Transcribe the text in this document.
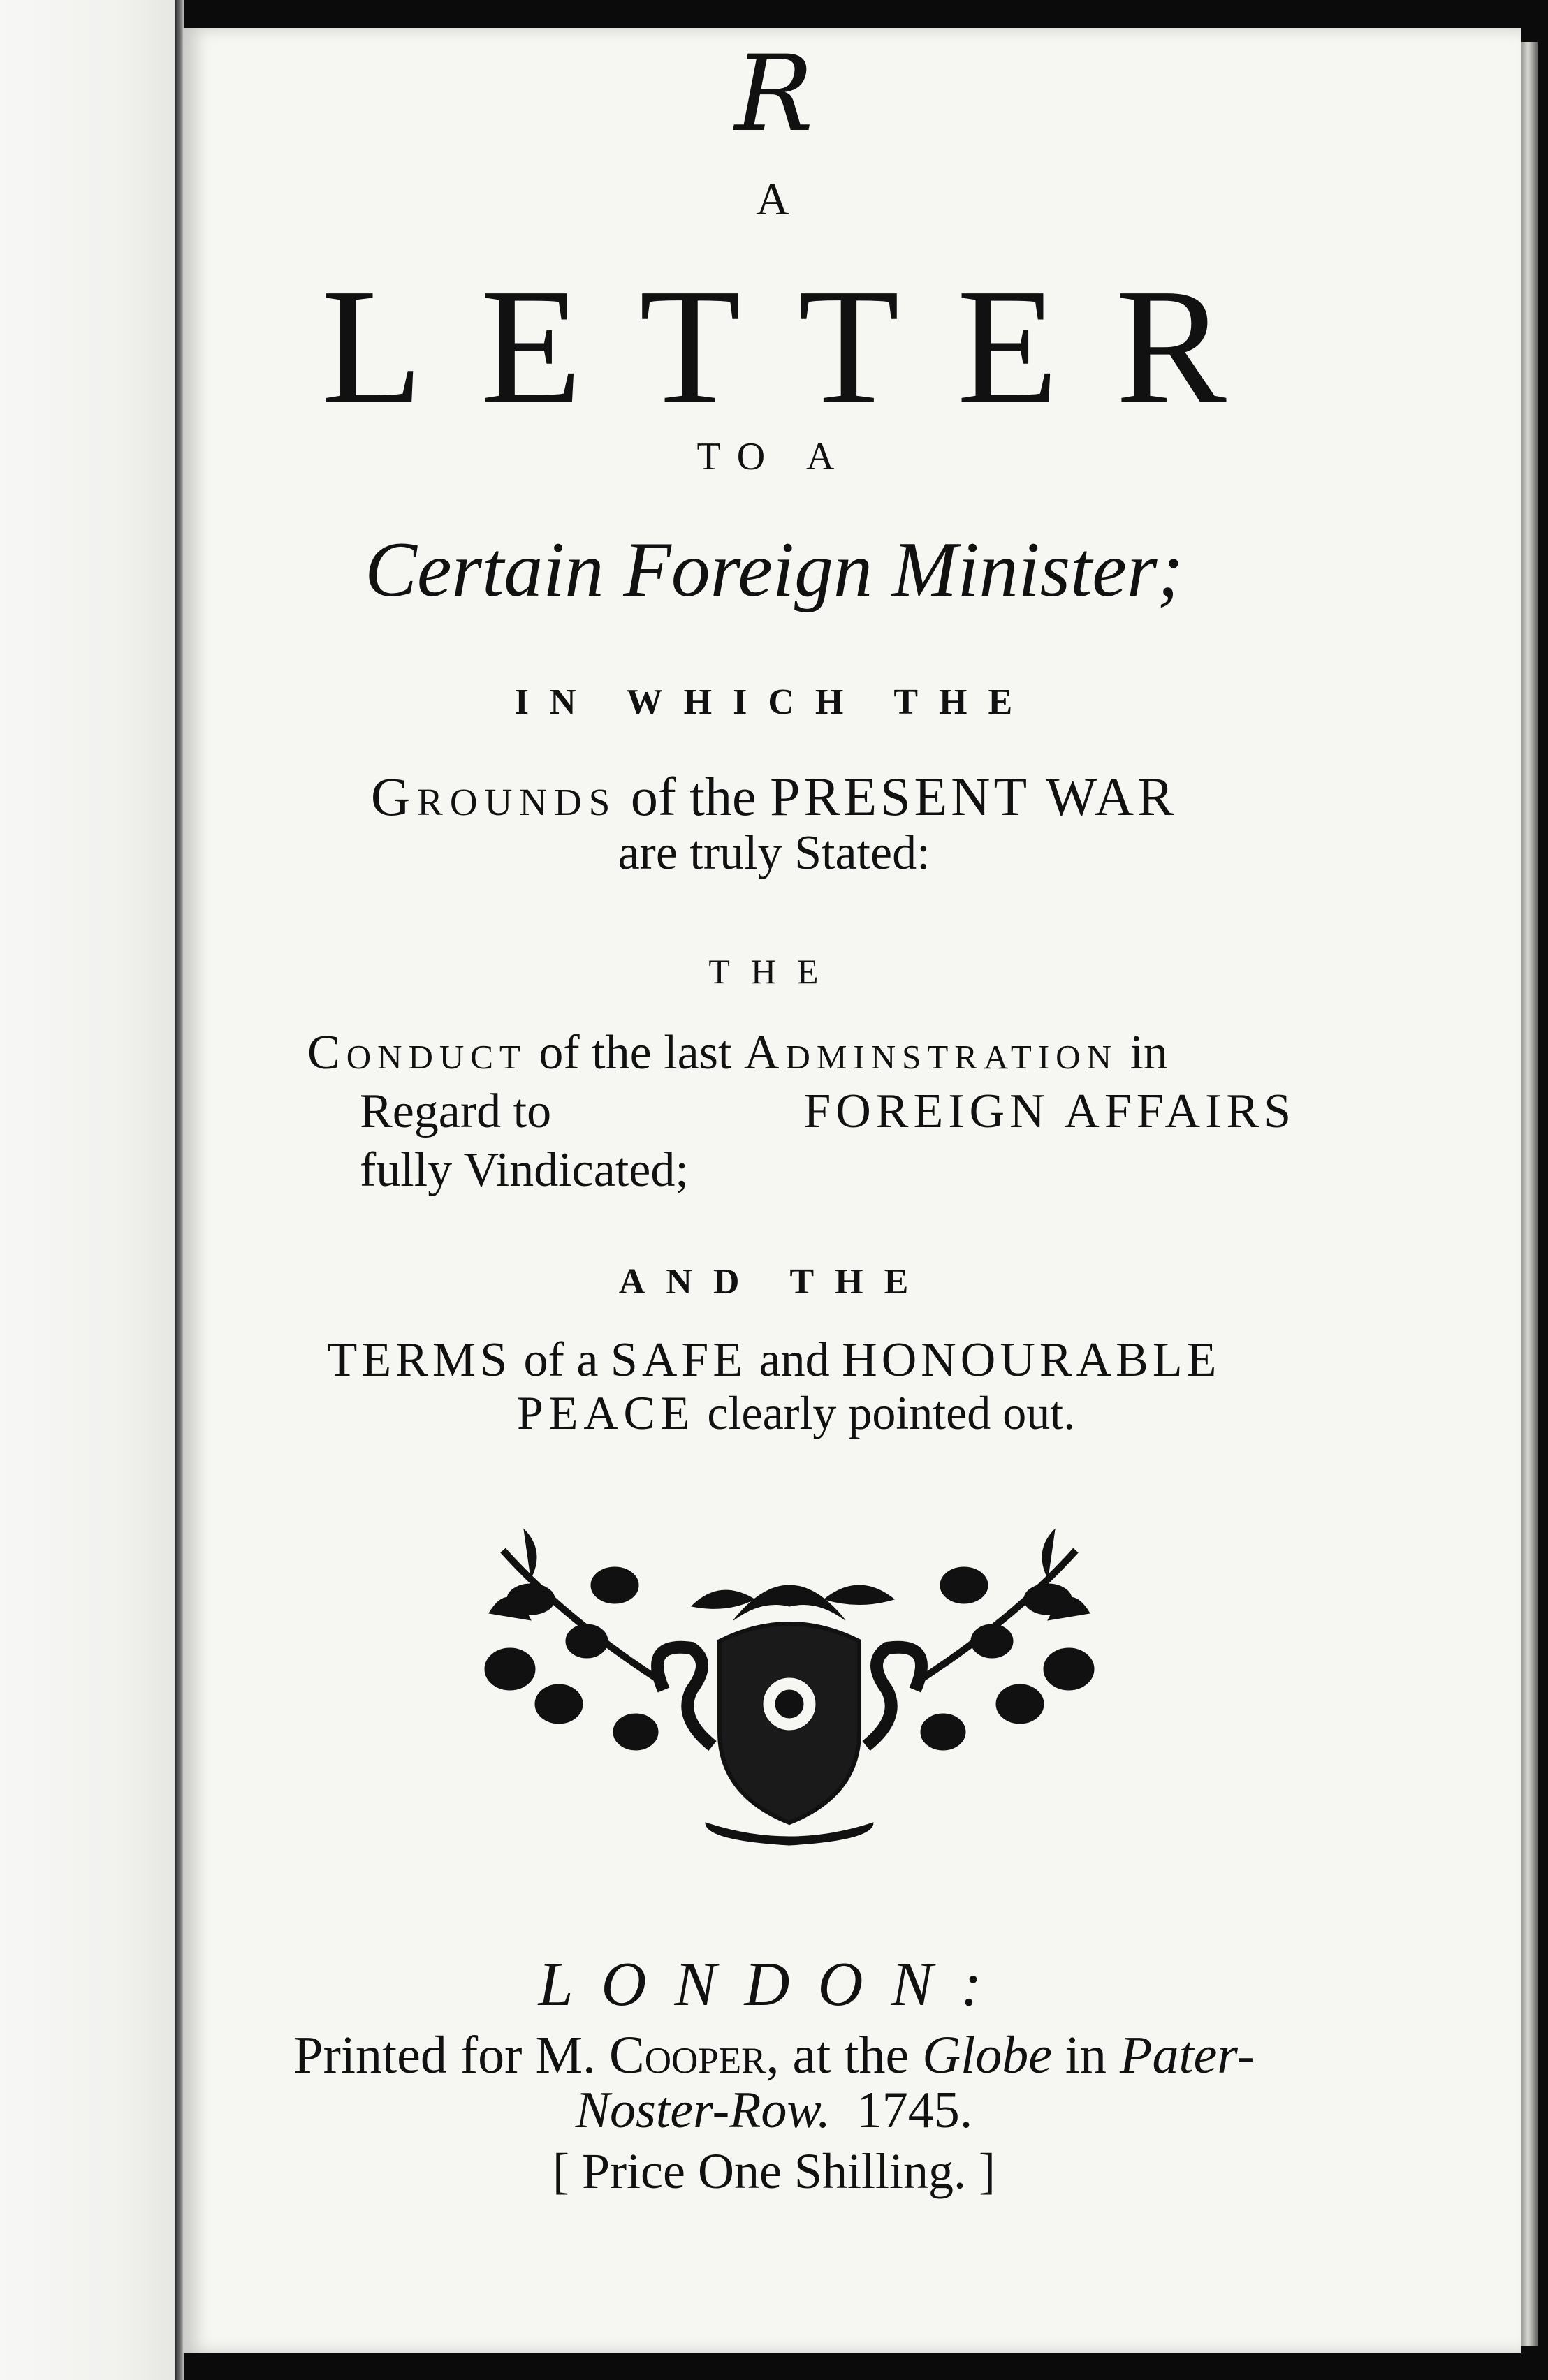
R
A
LETTER
TO A
Certain Foreign Minister;
IN WHICH THE
Grounds of the PRESENT WAR
are truly Stated:
THE
Conduct of the last Adminstration in
Regard to	FOREIGN AFFAIRS
fully Vindicated;
AND THE
TERMS of a SAFE and HONOURABLE
PEACE clearly pointed out.
LONDON:
Printed for M. Cooper, at the Globe in Pater-
Noster-Row. 1745.
[ Price One Shilling. ]
